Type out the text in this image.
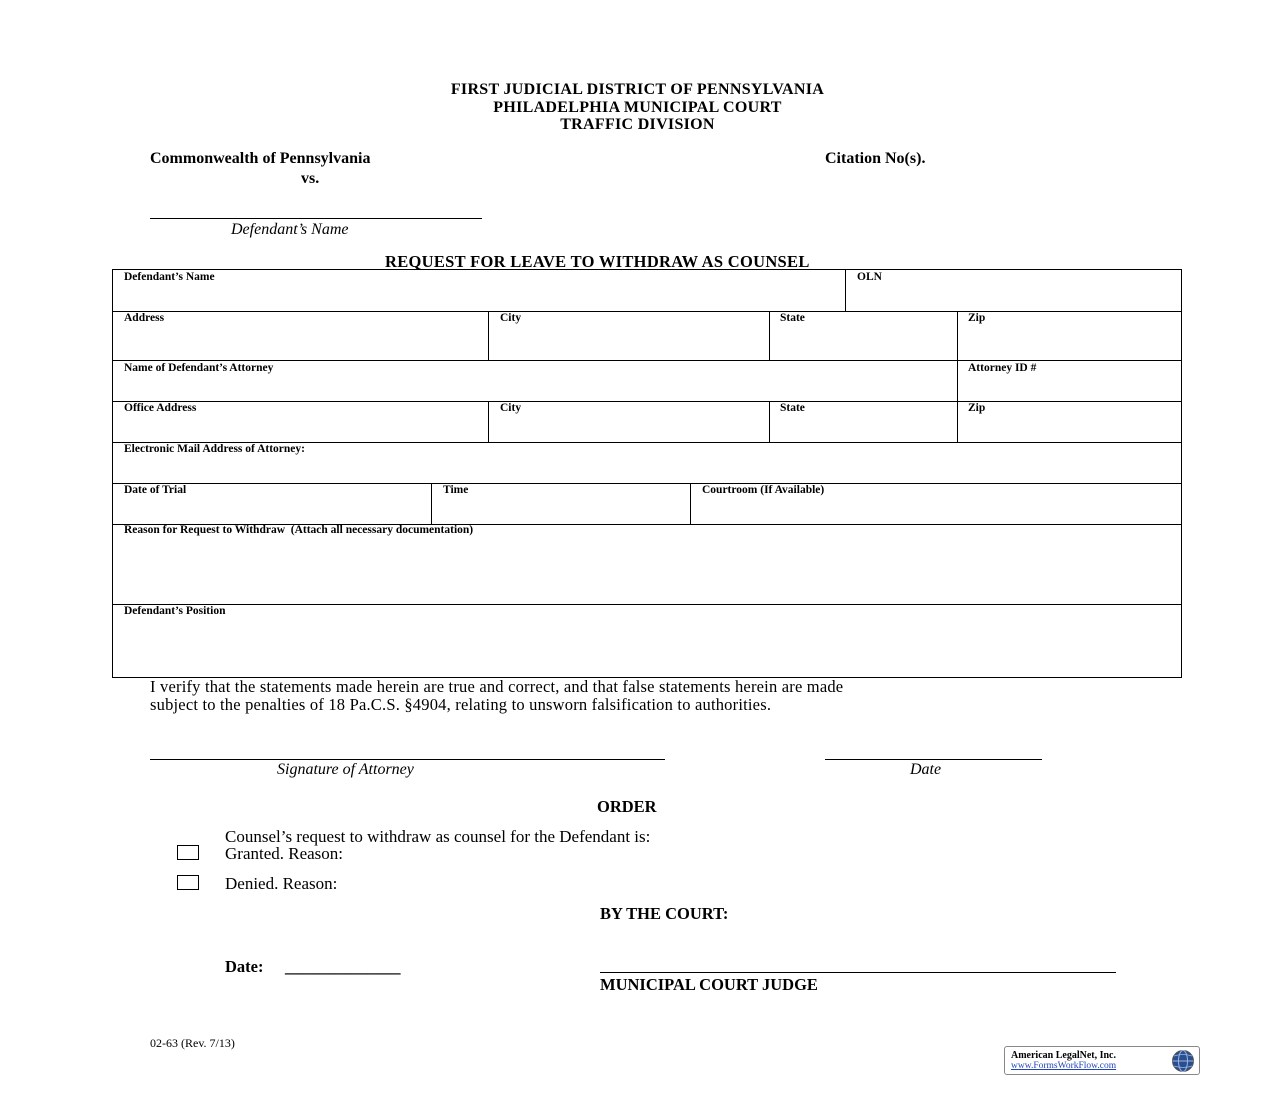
FIRST JUDICIAL DISTRICT OF PENNSYLVANIA
PHILADELPHIA MUNICIPAL COURT
TRAFFIC DIVISION
Commonwealth of Pennsylvania
vs.
Citation No(s).
Defendant’s Name
REQUEST FOR LEAVE TO WITHDRAW AS COUNSEL
Defendant’s Name	OLN
Address	City	State	Zip
Name of Defendant’s Attorney	Attorney ID #
Office Address	City	State	Zip
Electronic Mail Address of Attorney:
Date of Trial	Time	Courtroom (If Available)
Reason for Request to Withdraw  (Attach all necessary documentation)
Defendant’s Position
I verify that the statements made herein are true and correct, and that false statements herein are made
subject to the penalties of 18 Pa.C.S. §4904, relating to unsworn falsification to authorities.
Signature of Attorney	Date
ORDER
Counsel’s request to withdraw as counsel for the Defendant is:
Granted. Reason:
Denied. Reason:
BY THE COURT:
Date: ______________
MUNICIPAL COURT JUDGE
02-63 (Rev. 7/13)
American LegalNet, Inc.
www.FormsWorkFlow.com
